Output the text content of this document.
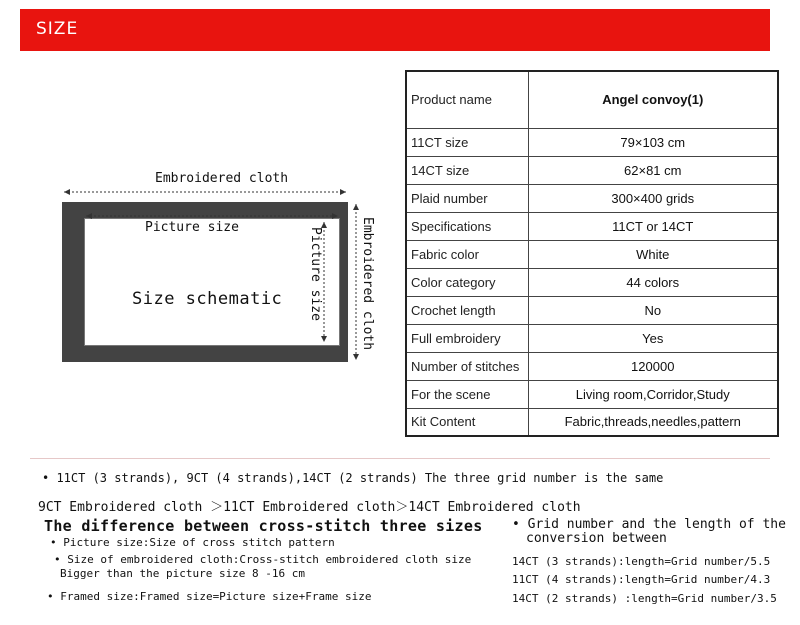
SIZE
Embroidered cloth
Picture size
Size schematic Picture size	Embroidered cloth
Product name	Angel convoy(1)
11CT size	79×103 cm
14CT size	62×81 cm
Plaid number	300×400 grids
Specifications	11CT or 14CT
Fabric color	White
Color category	44 colors
Crochet length	No
Full embroidery	Yes
Number of stitches	120000
For the scene	Living room,Corridor,Study
Kit Content	Fabric,threads,needles,pattern
• 11CT (3 strands), 9CT (4 strands),14CT (2 strands) The three grid number is the same
9CT Embroidered cloth ＞11CT Embroidered cloth＞14CT Embroidered cloth
The difference between cross-stitch three sizes
• Picture size:Size of cross stitch pattern
• Size of embroidered cloth:Cross-stitch embroidered cloth size
Bigger than the picture size 8 -16 cm
• Framed size:Framed size=Picture size+Frame size
• Grid number and the length of the
conversion between
14CT (3 strands):length=Grid number/5.5
11CT (4 strands):length=Grid number/4.3
14CT (2 strands) :length=Grid number/3.5
